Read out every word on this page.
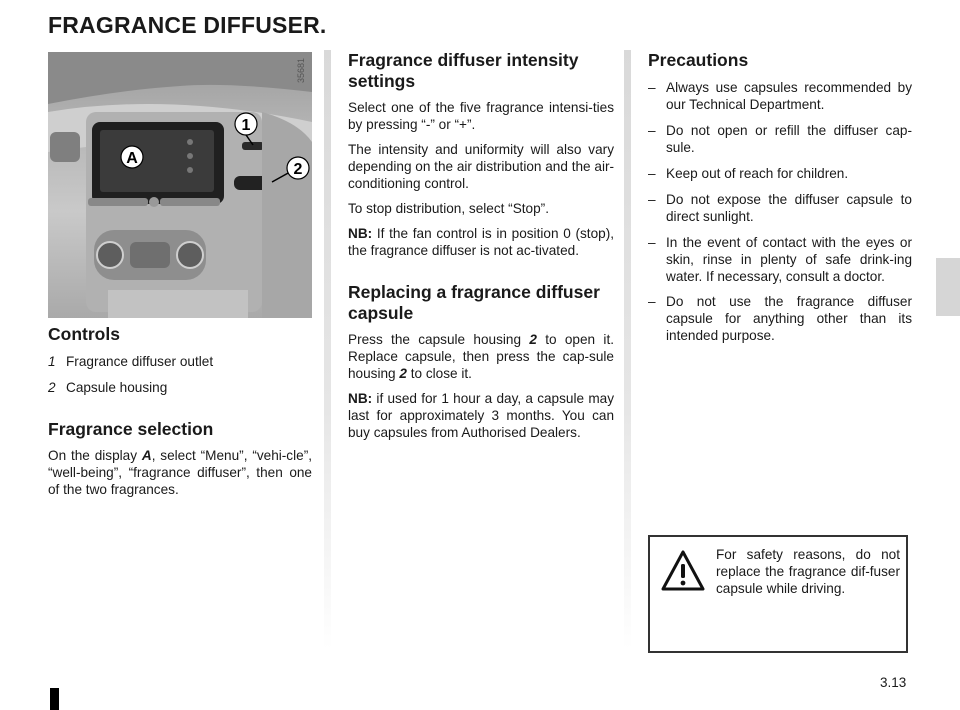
FRAGRANCE DIFFUSER.
1
2
A
35681
Controls
1 Fragrance diffuser outlet
2 Capsule housing
Fragrance selection

On the display A, select “Menu”, “vehi-cle”, “well-being”, “fragrance diffuser”, then one of the two fragrances.

Fragrance diffuser intensity settings

Select one of the five fragrance intensi-ties by pressing “-” or “+”.

The intensity and uniformity will also vary depending on the air distribution and the air-conditioning control.

To stop distribution, select “Stop”.

NB: If the fan control is in position 0 (stop), the fragrance diffuser is not ac-tivated.

Replacing a fragrance diffuser capsule

Press the capsule housing 2 to open it. Replace capsule, then press the cap-sule housing 2 to close it.

NB: if used for 1 hour a day, a capsule may last for approximately 3 months. You can buy capsules from Authorised Dealers.

Precautions
– Always use capsules recommended by our Technical Department.
– Do not open or refill the diffuser cap-sule.
– Keep out of reach for children.
– Do not expose the diffuser capsule to direct sunlight.
– In the event of contact with the eyes or skin, rinse in plenty of safe drink-ing water. If necessary, consult a doctor.
– Do not use the fragrance diffuser capsule for anything other than its intended purpose.
For safety reasons, do not replace the fragrance dif-fuser capsule while driving.
3.13
